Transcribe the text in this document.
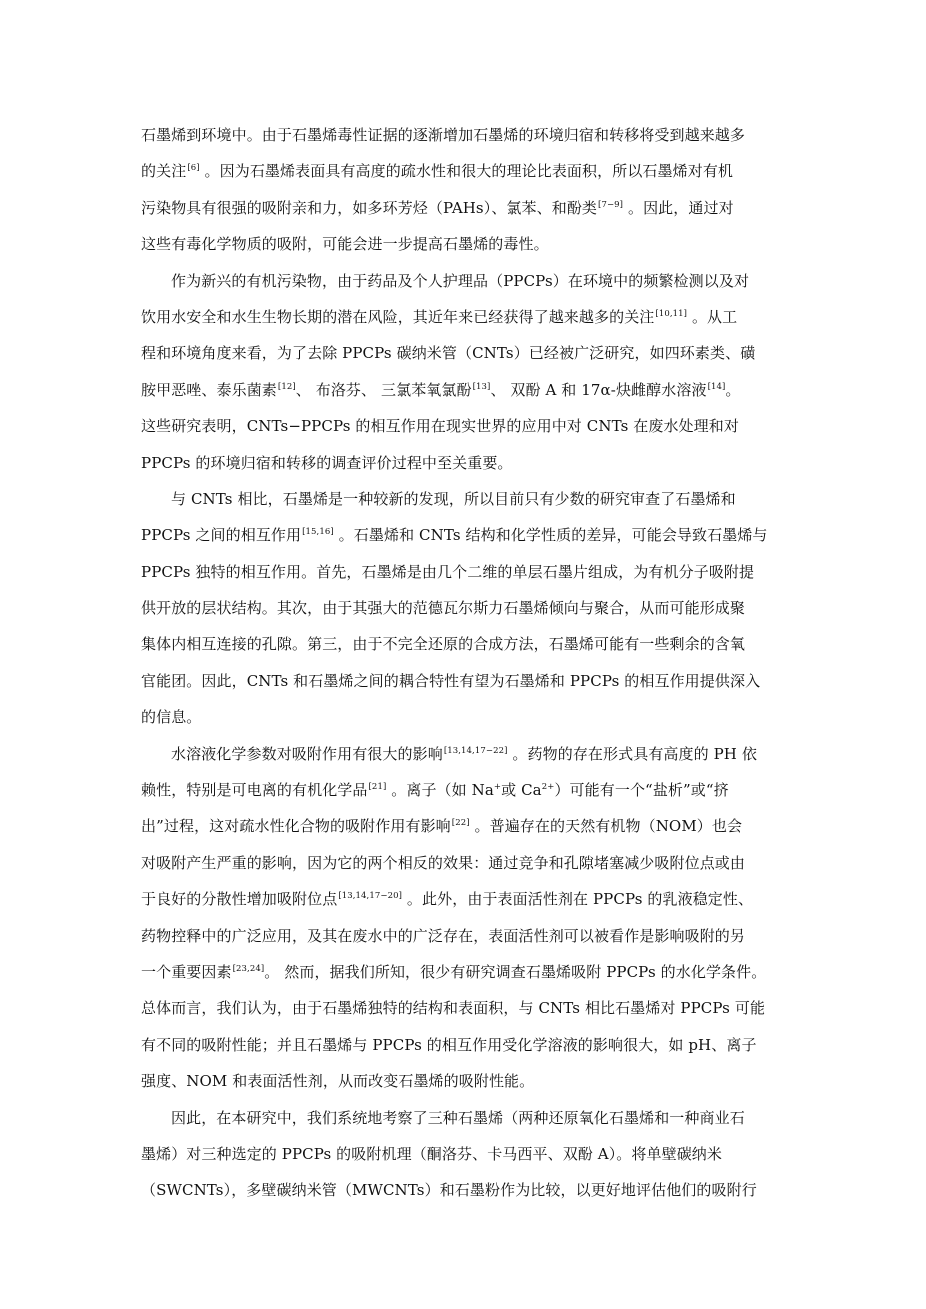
石墨烯到环境中。由于石墨烯毒性证据的逐渐增加石墨烯的环境归宿和转移将受到越来越多
的关注[6] 。因为石墨烯表面具有高度的疏水性和很大的理论比表面积，所以石墨烯对有机
污染物具有很强的吸附亲和力，如多环芳烃（PAHs）、氯苯、和酚类[7−9] 。因此，通过对
这些有毒化学物质的吸附，可能会进一步提高石墨烯的毒性。
作为新兴的有机污染物，由于药品及个人护理品（PPCPs）在环境中的频繁检测以及对
饮用水安全和水生生物长期的潜在风险，其近年来已经获得了越来越多的关注[10,11] 。从工
程和环境角度来看，为了去除 PPCPs 碳纳米管（CNTs）已经被广泛研究，如四环素类、磺
胺甲恶唑、泰乐菌素[12]、 布洛芬、 三氯苯氧氯酚[13]、 双酚 A 和 17α-炔雌醇水溶液[14]。
这些研究表明，CNTs−PPCPs 的相互作用在现实世界的应用中对 CNTs 在废水处理和对
PPCPs 的环境归宿和转移的调查评价过程中至关重要。
与 CNTs 相比，石墨烯是一种较新的发现，所以目前只有少数的研究审查了石墨烯和
PPCPs 之间的相互作用[15,16] 。石墨烯和 CNTs 结构和化学性质的差异，可能会导致石墨烯与
PPCPs 独特的相互作用。首先，石墨烯是由几个二维的单层石墨片组成，为有机分子吸附提
供开放的层状结构。其次，由于其强大的范德瓦尔斯力石墨烯倾向与聚合，从而可能形成聚
集体内相互连接的孔隙。第三，由于不完全还原的合成方法，石墨烯可能有一些剩余的含氧
官能团。因此，CNTs 和石墨烯之间的耦合特性有望为石墨烯和 PPCPs 的相互作用提供深入
的信息。
水溶液化学参数对吸附作用有很大的影响[13,14,17−22] 。药物的存在形式具有高度的 PH 依
赖性，特别是可电离的有机化学品[21] 。离子（如 Na+或 $Ca^{2+}$）可能有一个“盐析”或“挤
出”过程，这对疏水性化合物的吸附作用有影响[22] 。普遍存在的天然有机物（NOM）也会
对吸附产生严重的影响，因为它的两个相反的效果：通过竞争和孔隙堵塞减少吸附位点或由
于良好的分散性增加吸附位点[13,14,17−20] 。此外，由于表面活性剂在 PPCPs 的乳液稳定性、
药物控释中的广泛应用，及其在废水中的广泛存在，表面活性剂可以被看作是影响吸附的另
一个重要因素[23,24]。 然而，据我们所知，很少有研究调查石墨烯吸附 PPCPs 的水化学条件。
总体而言，我们认为，由于石墨烯独特的结构和表面积，与 CNTs 相比石墨烯对 PPCPs 可能
有不同的吸附性能；并且石墨烯与 PPCPs 的相互作用受化学溶液的影响很大，如 pH、离子
强度、NOM 和表面活性剂，从而改变石墨烯的吸附性能。
因此，在本研究中，我们系统地考察了三种石墨烯（两种还原氧化石墨烯和一种商业石
墨烯）对三种选定的 PPCPs 的吸附机理（酮洛芬、卡马西平、双酚 A）。将单壁碳纳米
（SWCNTs），多壁碳纳米管（MWCNTs）和石墨粉作为比较，以更好地评估他们的吸附行
